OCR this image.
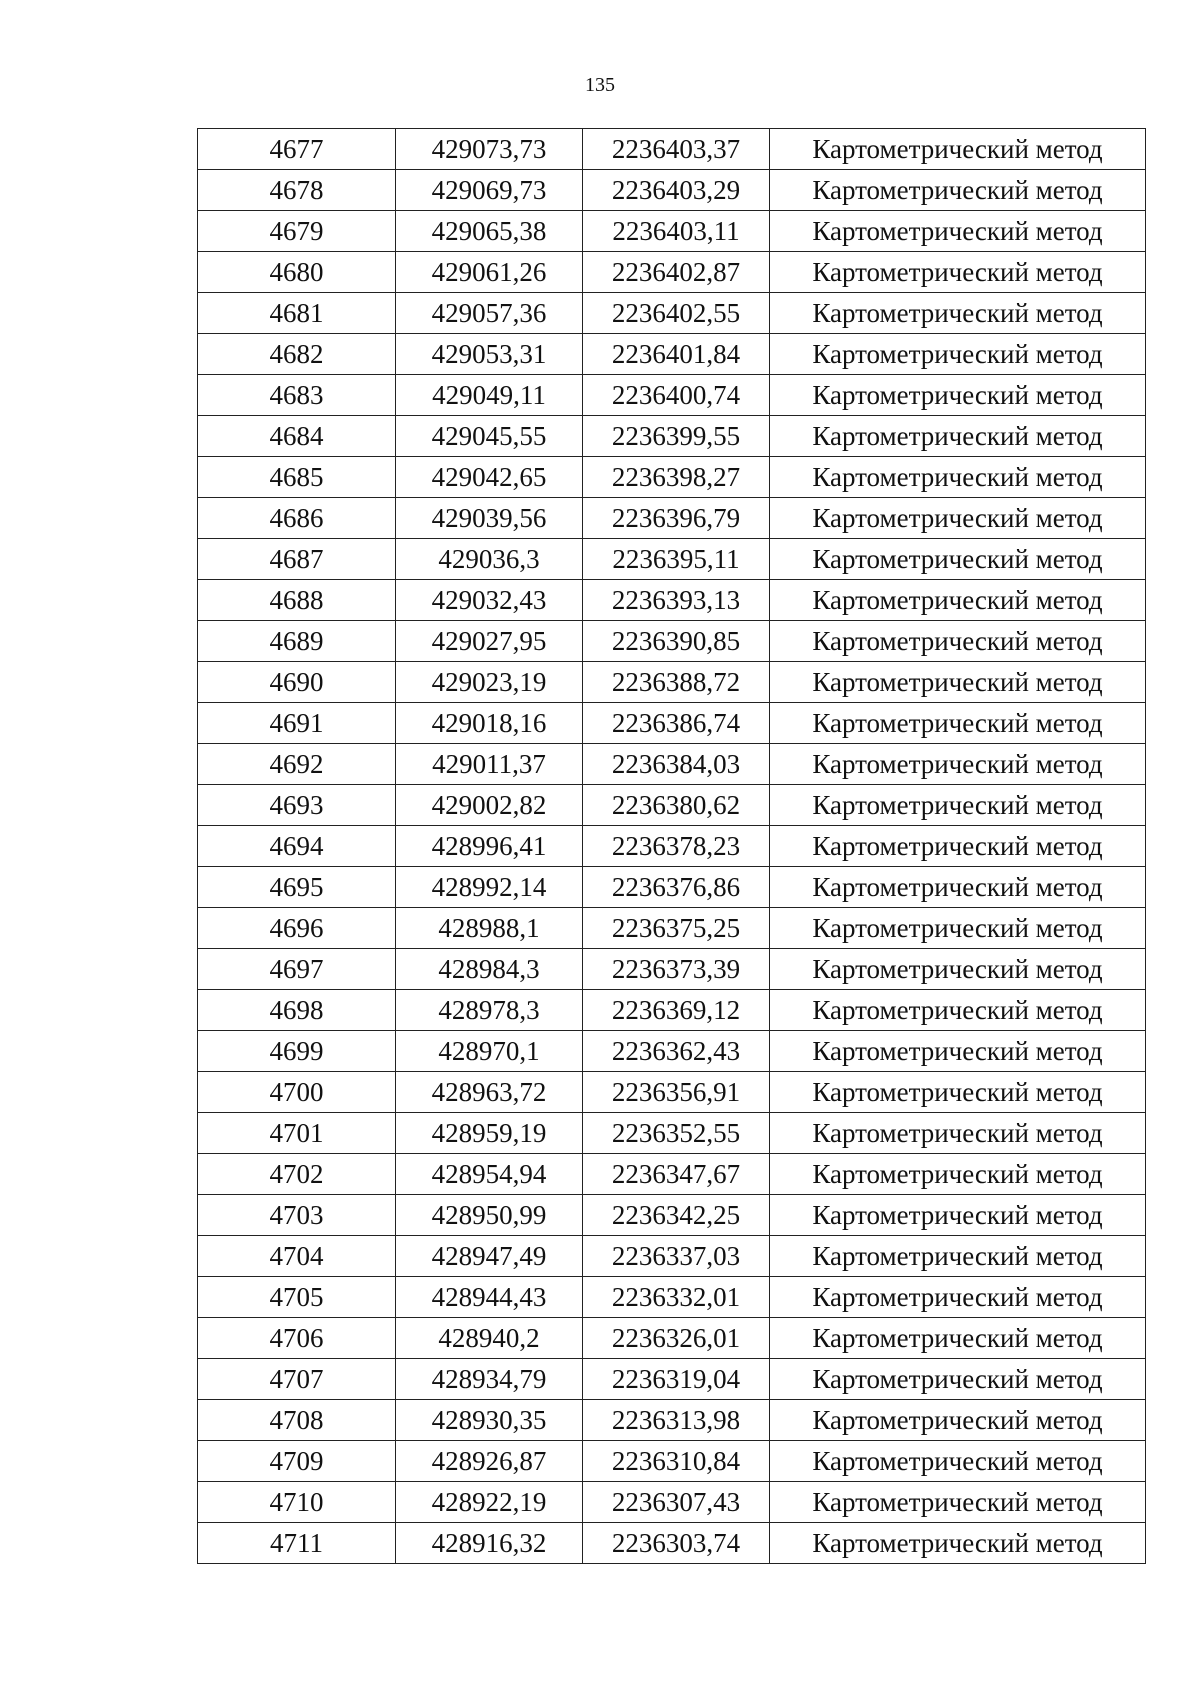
135
4677	429073,73	2236403,37	Картометрический метод
4678	429069,73	2236403,29	Картометрический метод
4679	429065,38	2236403,11	Картометрический метод
4680	429061,26	2236402,87	Картометрический метод
4681	429057,36	2236402,55	Картометрический метод
4682	429053,31	2236401,84	Картометрический метод
4683	429049,11	2236400,74	Картометрический метод
4684	429045,55	2236399,55	Картометрический метод
4685	429042,65	2236398,27	Картометрический метод
4686	429039,56	2236396,79	Картометрический метод
4687	429036,3	2236395,11	Картометрический метод
4688	429032,43	2236393,13	Картометрический метод
4689	429027,95	2236390,85	Картометрический метод
4690	429023,19	2236388,72	Картометрический метод
4691	429018,16	2236386,74	Картометрический метод
4692	429011,37	2236384,03	Картометрический метод
4693	429002,82	2236380,62	Картометрический метод
4694	428996,41	2236378,23	Картометрический метод
4695	428992,14	2236376,86	Картометрический метод
4696	428988,1	2236375,25	Картометрический метод
4697	428984,3	2236373,39	Картометрический метод
4698	428978,3	2236369,12	Картометрический метод
4699	428970,1	2236362,43	Картометрический метод
4700	428963,72	2236356,91	Картометрический метод
4701	428959,19	2236352,55	Картометрический метод
4702	428954,94	2236347,67	Картометрический метод
4703	428950,99	2236342,25	Картометрический метод
4704	428947,49	2236337,03	Картометрический метод
4705	428944,43	2236332,01	Картометрический метод
4706	428940,2	2236326,01	Картометрический метод
4707	428934,79	2236319,04	Картометрический метод
4708	428930,35	2236313,98	Картометрический метод
4709	428926,87	2236310,84	Картометрический метод
4710	428922,19	2236307,43	Картометрический метод
4711	428916,32	2236303,74	Картометрический метод
